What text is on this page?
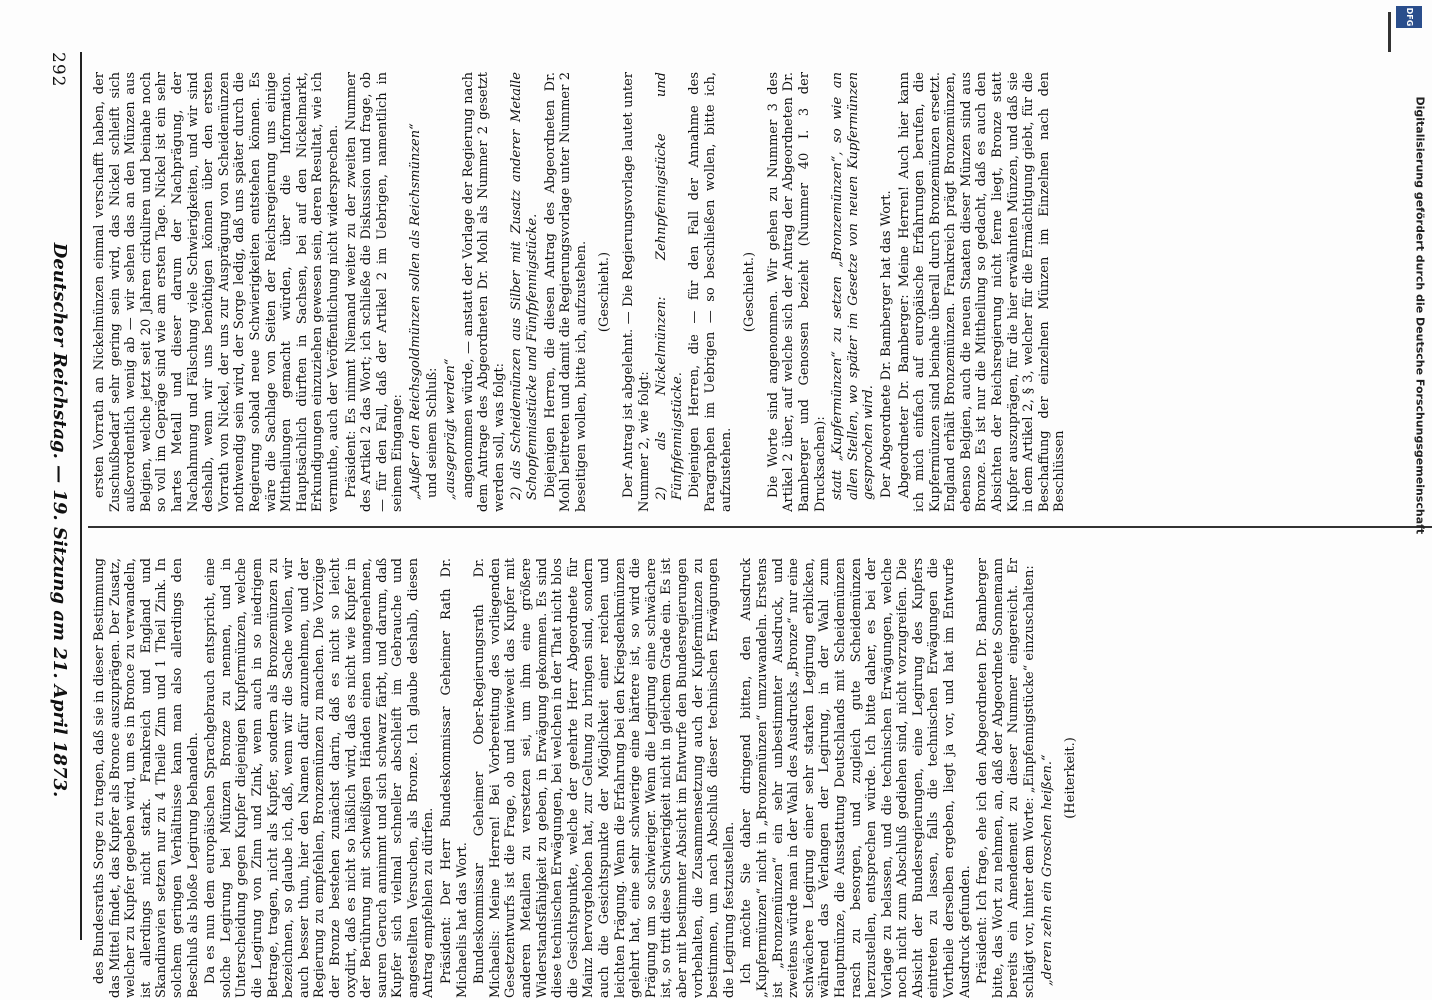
292
Deutscher Reichstag. — 19. Sitzung am 21. April 1873. ersten Vorrath an Nickelmünzen einmal verschafft haben, der Zuschußbedarf sehr gering sein wird, das Nickel schleift sich außerordentlich wenig ab — wir sehen das an den Münzen aus Belgien, welche jetzt seit 20 Jahren cirkuliren und beinahe noch so voll im Gepräge sind wie am ersten Tage. Nickel ist ein sehr hartes Metall und dieser darum der Nachprägung, der Nachahmung und Fälschung viele Schwierigkeiten, und wir sind deshalb, wenn wir uns benöthigen können über den ersten Vorrath von Nickel, der uns zur Ausprägung von Scheidemünzen nothwendig sein wird, der Sorge ledig, daß uns später durch die Regierung sobald neue Schwierigkeiten entstehen können. Es wäre die Sachlage von Seiten der Reichsregierung uns einige Mittheilungen gemacht würden, über die Information. Hauptsächlich dürften in Sachsen, bei auf den Nickelmarkt, Erkundigungen einzuziehen gewesen sein, deren Resultat, wie ich vermuthe, auch der Veröffentlichung nicht widersprechen. Präsident: Es nimmt Niemand weiter zu der zweiten Nummer des Artikel 2 das Wort; ich schließe die Diskussion und frage, ob — für den Fall, daß der Artikel 2 im Uebrigen, namentlich in seinem Eingange: „Außer den Reichsgoldmünzen sollen als Reichsmünzen“ und seinem Schluß: „ausgeprägt werden“ angenommen würde, — anstatt der Vorlage der Regierung nach dem Antrage des Abgeordneten Dr. Mohl als Nummer 2 gesetzt werden soll, was folgt: 2) als Scheidemünzen aus Silber mit Zusatz anderer Metalle Schopfenniastücke und Fünfpfennigstücke. Diejenigen Herren, die diesen Antrag des Abgeordneten Dr. Mohl beitreten und damit die Regierungsvorlage unter Nummer 2 beseitigen wollen, bitte ich, aufzustehen. (Geschieht.) Der Antrag ist abgelehnt. — Die Regierungsvorlage lautet unter Nummer 2, wie folgt: 2) als Nickelmünzen: Zehnpfennigstücke und Fünfpfennigstücke. Diejenigen Herren, die — für den Fall der Annahme des Paragraphen im Uebrigen — so beschließen wollen, bitte ich, aufzustehen.

(Geschieht.) Die Worte sind angenommen. Wir gehen zu Nummer 3 des Artikel 2 über, auf welche sich der Antrag der Abgeordneten Dr. Bamberger und Genossen bezieht (Nummer 40 I. 3 der Drucksachen): statt „Kupfermünzen“ zu setzen „Bronzemünzen“, so wie an allen Stellen, wo später im Gesetze von neuen Kupfermünzen gesprochen wird. Der Abgeordnete Dr. Bamberger hat das Wort. Abgeordneter Dr. Bamberger: Meine Herren! Auch hier kann ich mich einfach auf europäische Erfahrungen berufen, die Kupfermünzen sind beinahe überall durch Bronzemünzen ersetzt. England erhält Bronzemünzen. Frankreich prägt Bronzemünzen, ebenso Belgien, auch die neuen Staaten dieser Münzen sind aus Bronze. Es ist nur die Mittheilung so gedacht, daß es auch den Absichten der Reichsregierung nicht ferne liegt, Bronze statt Kupfer auszuprägen, für die hier erwähnten Münzen, und daß sie in dem Artikel 2, § 3, welcher für die Ermächtigung giebt, für die Beschaffung der einzelnen Münzen im Einzelnen nach den Beschlüssen

des Bundesraths Sorge zu tragen, daß sie in dieser Bestimmung das Mittel findet, das Kupfer als Bronce auszuprägen. Der Zusatz, welcher zu Kupfer gegeben wird, um es in Bronce zu verwandeln, ist allerdings nicht stark. Frankreich und England und Skandinavien setzen nur zu 4 Theile Zinn und 1 Theil Zink. In solchem geringen Verhältnisse kann man also allerdings den Beschluß als bloße Legirung behandeln. Da es nun dem europäischen Sprachgebrauch entspricht, eine solche Legirung bei Münzen Bronze zu nennen, und in Unterscheidung gegen Kupfer diejenigen Kupfermünzen, welche die Legirung von Zinn und Zink, wenn auch in so niedrigem Betrage, tragen, nicht als Kupfer, sondern als Bronzemünzen zu bezeichnen, so glaube ich, daß, wenn wir die Sache wollen, wir auch besser thun, hier den Namen dafür anzunehmen, und der Regierung zu empfehlen, Bronzemünzen zu machen. Die Vorzüge der Bronze bestehen zunächst darin, daß es nicht so leicht oxydirt, daß es nicht so häßlich wird, daß es nicht wie Kupfer in der Berührung mit schweißigen Händen einen unangenehmen, sauren Geruch annimmt und sich schwarz färbt, und darum, daß Kupfer sich vielmal schneller abschleift im Gebrauche und angestellten Versuchen, als Bronze. Ich glaube deshalb, diesen Antrag empfehlen zu dürfen. Präsident: Der Herr Bundeskommissar Geheimer Rath Dr. Michaelis hat das Wort. Bundeskommissar Geheimer Ober-Regierungsrath Dr. Michaelis: Meine Herren! Bei Vorbereitung des vorliegenden Gesetzentwurfs ist die Frage, ob und inwieweit das Kupfer mit anderen Metallen zu versetzen sei, um ihm eine größere Widerstandsfähigkeit zu geben, in Erwägung gekommen. Es sind diese technischen Erwägungen, bei welchen in der That nicht blos die Gesichtspunkte, welche der geehrte Herr Abgeordnete für Mainz hervorgehoben hat, zur Geltung zu bringen sind, sondern auch die Gesichtspunkte der Möglichkeit einer reichen und leichten Prägung. Wenn die Erfahrung bei den Kriegsdenkmünzen gelehrt hat, eine sehr schwierige eine härtere ist, so wird die Prägung um so schwieriger. Wenn die Legirung eine schwächere ist, so tritt diese Schwierigkeit nicht in gleichem Grade ein. Es ist aber mit bestimmter Absicht im Entwurfe den Bundesregierungen vorbehalten, die Zusammensetzung auch der Kupfermünzen zu bestimmen, um nach Abschluß dieser technischen Erwägungen die Legirung festzustellen. Ich möchte Sie daher dringend bitten, den Ausdruck „Kupfermünzen“ nicht in „Bronzemünzen“ umzuwandeln. Erstens ist „Bronzemünzen“ ein sehr unbestimmter Ausdruck, und zweitens würde man in der Wahl des Ausdrucks „Bronze“ nur eine schwächere Legirung einer sehr starken Legirung erblicken, während das Verlangen der Legirung, in der Wahl zum Hauptmünze, die Ausstattung Deutschlands mit Scheidemünzen rasch zu besorgen, und zugleich gute Scheidemünzen herzustellen, entsprechen würde. Ich bitte daher, es bei der Vorlage zu belassen, und die technischen Erwägungen, welche noch nicht zum Abschluß gediehen sind, nicht vorzugreifen. Die Absicht der Bundesregierungen, eine Legirung des Kupfers eintreten zu lassen, falls die technischen Erwägungen die Vortheile derselben ergeben, liegt ja vor, und hat im Entwurfe Ausdruck gefunden. Präsident: Ich frage, ehe ich den Abgeordneten Dr. Bamberger bitte, das Wort zu nehmen, an, daß der Abgeordnete Sonnemann bereits ein Amendement zu dieser Nummer eingereicht. Er schlägt vor, hinter dem Worte: „Einpfennigstücke“ einzuschalten: „deren zehn ein Groschen heißen.“ (Heiterkeit.)

DFG
Digitalisierung gefördert durch die Deutsche Forschungsgemeinschaft
